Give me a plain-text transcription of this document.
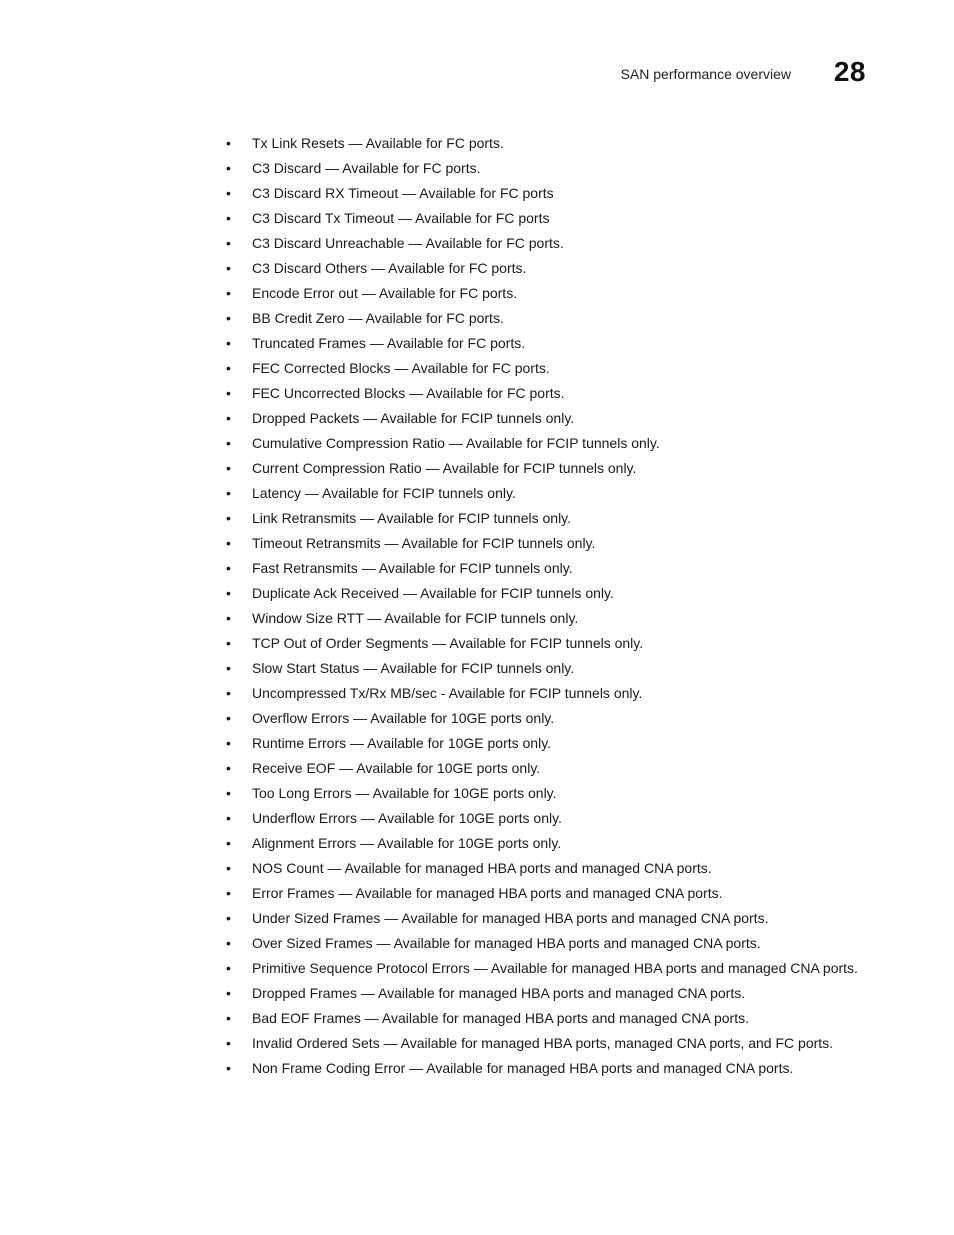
SAN performance overview 28
•	Tx Link Resets — Available for FC ports.
•	C3 Discard — Available for FC ports.
•	C3 Discard RX Timeout — Available for FC ports
•	C3 Discard Tx Timeout — Available for FC ports
•	C3 Discard Unreachable — Available for FC ports.
•	C3 Discard Others — Available for FC ports.
•	Encode Error out — Available for FC ports.
•	BB Credit Zero — Available for FC ports.
•	Truncated Frames — Available for FC ports.
•	FEC Corrected Blocks — Available for FC ports.
•	FEC Uncorrected Blocks — Available for FC ports.
•	Dropped Packets — Available for FCIP tunnels only.
•	Cumulative Compression Ratio — Available for FCIP tunnels only.
•	Current Compression Ratio — Available for FCIP tunnels only.
•	Latency — Available for FCIP tunnels only.
•	Link Retransmits — Available for FCIP tunnels only.
•	Timeout Retransmits — Available for FCIP tunnels only.
•	Fast Retransmits — Available for FCIP tunnels only.
•	Duplicate Ack Received — Available for FCIP tunnels only.
•	Window Size RTT — Available for FCIP tunnels only.
•	TCP Out of Order Segments — Available for FCIP tunnels only.
•	Slow Start Status — Available for FCIP tunnels only.
•	Uncompressed Tx/Rx MB/sec - Available for FCIP tunnels only.
•	Overflow Errors — Available for 10GE ports only.
•	Runtime Errors — Available for 10GE ports only.
•	Receive EOF — Available for 10GE ports only.
•	Too Long Errors — Available for 10GE ports only.
•	Underflow Errors — Available for 10GE ports only.
•	Alignment Errors — Available for 10GE ports only.
•	NOS Count — Available for managed HBA ports and managed CNA ports.
•	Error Frames — Available for managed HBA ports and managed CNA ports.
•	Under Sized Frames — Available for managed HBA ports and managed CNA ports.
•	Over Sized Frames — Available for managed HBA ports and managed CNA ports.
•	Primitive Sequence Protocol Errors — Available for managed HBA ports and managed CNA ports.
•	Dropped Frames — Available for managed HBA ports and managed CNA ports.
•	Bad EOF Frames — Available for managed HBA ports and managed CNA ports.
•	Invalid Ordered Sets — Available for managed HBA ports, managed CNA ports, and FC ports.
•	Non Frame Coding Error — Available for managed HBA ports and managed CNA ports.
